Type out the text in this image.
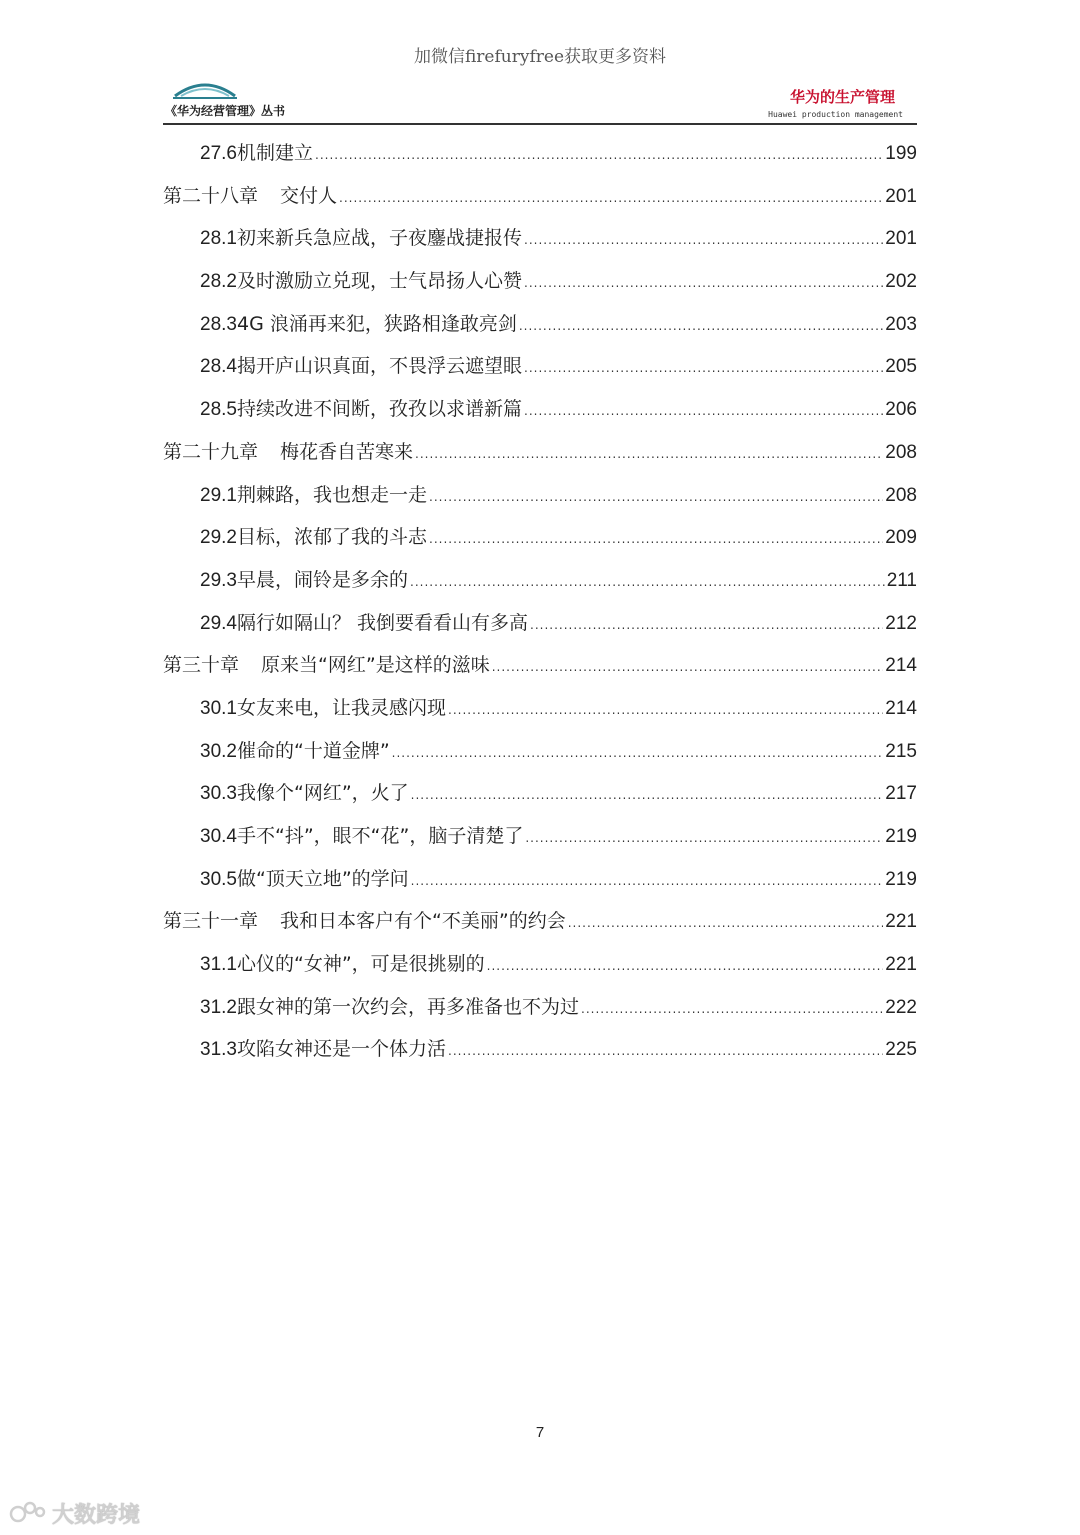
加微信firefuryfree获取更多资料
《华为经营管理》丛书
华为的生产管理
Huawei production management
27.6 机制建立 .....	199
第二十八章 交付人 .....	201
28.1 初来新兵急应战，子夜鏖战捷报传 .....	201
28.2 及时激励立兑现，士气昂扬人心赞 .....	202
28.3 4G 浪涌再来犯，狭路相逢敢亮剑 .....	203
28.4 揭开庐山识真面，不畏浮云遮望眼 .....	205
28.5 持续改进不间断，孜孜以求谱新篇 .....	206
第二十九章 梅花香自苦寒来 .....	208
29.1 荆棘路，我也想走一走 .....	208
29.2 目标，浓郁了我的斗志 .....	209
29.3 早晨，闹铃是多余的 .....	211
29.4 隔行如隔山？ 我倒要看看山有多高 .....	212
第三十章 原来当“网红”是这样的滋味 .....	214
30.1 女友来电，让我灵感闪现 .....	214
30.2 催命的“十道金牌” .....	215
30.3 我像个“网红”，火了 .....	217
30.4 手不“抖”，眼不“花”，脑子清楚了 .....	219
30.5 做“顶天立地”的学问 .....	219
第三十一章 我和日本客户有个“不美丽”的约会 .....	221
31.1 心仪的“女神”，可是很挑剔的 .....	221
31.2 跟女神的第一次约会，再多准备也不为过 .....	222
31.3 攻陷女神还是一个体力活 .....	225
7
大数跨境
